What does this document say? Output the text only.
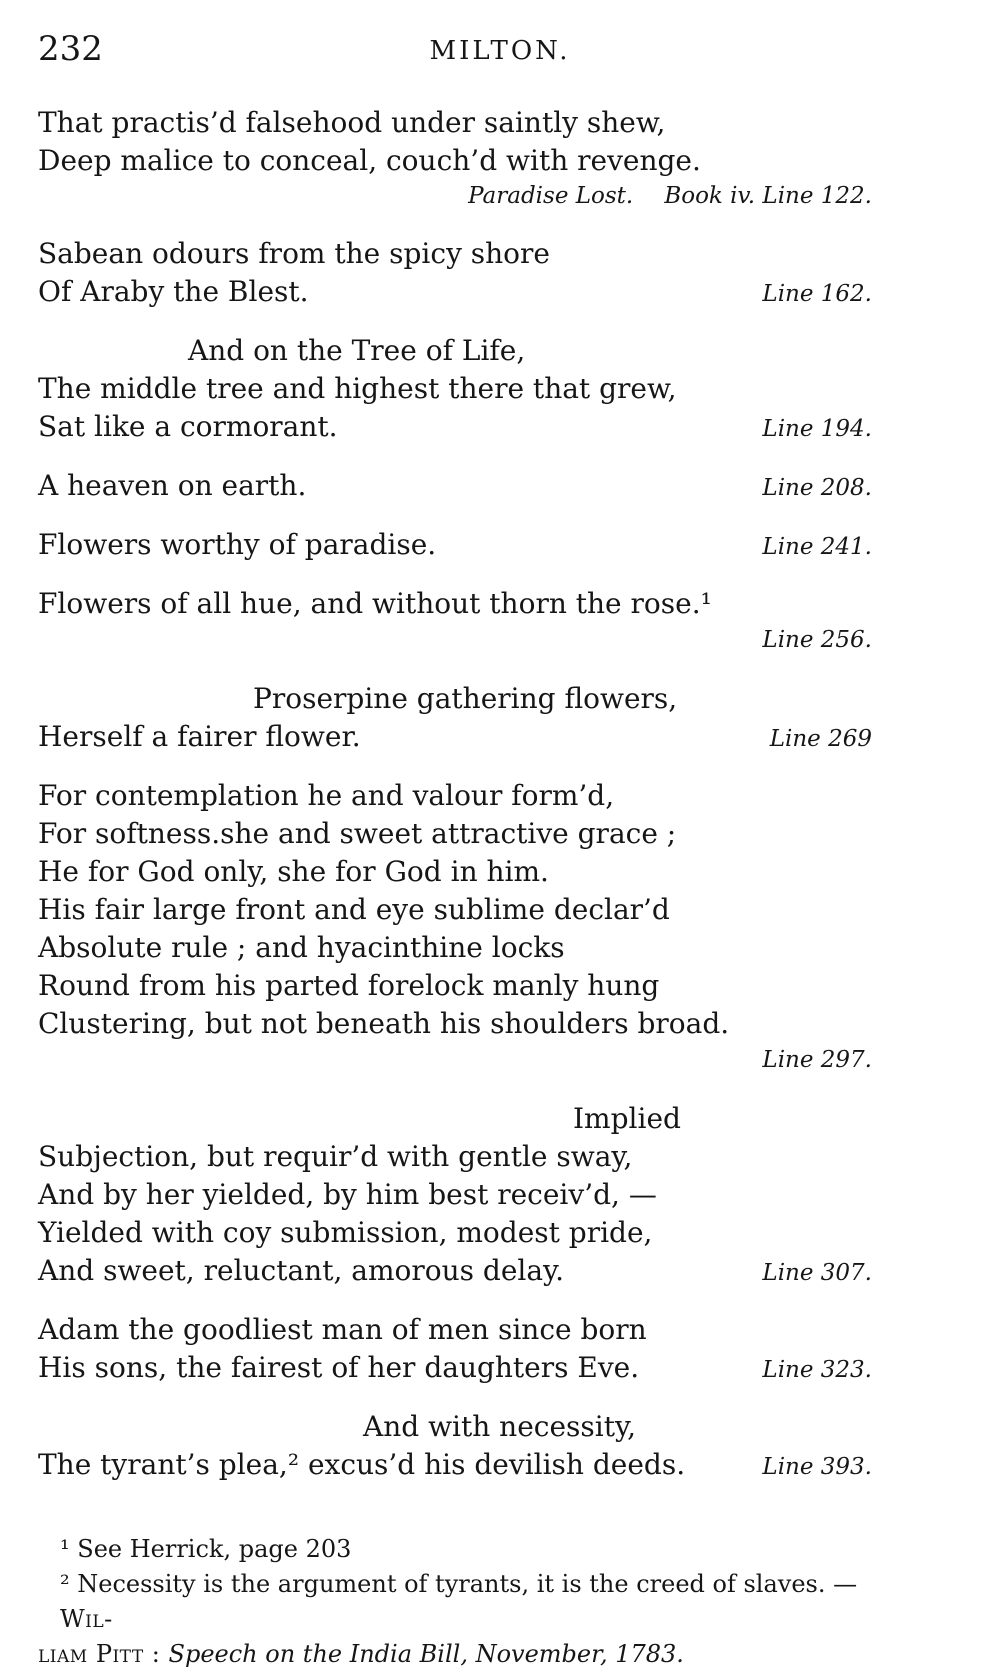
232	MILTON.
That practis’d falsehood under saintly shew,
Deep malice to conceal, couch’d with revenge.
Paradise Lost. Book iv. Line 122.
Sabean odours from the spicy shore
Of Araby the Blest.	Line 162.
And on the Tree of Life,
The middle tree and highest there that grew,
Sat like a cormorant.	Line 194.
A heaven on earth.	Line 208.
Flowers worthy of paradise.	Line 241.
Flowers of all hue, and without thorn the rose.¹
Line 256.
Proserpine gathering flowers,
Herself a fairer flower.	Line 269
For contemplation he and valour form’d,
For softness.she and sweet attractive grace ;
He for God only, she for God in him.
His fair large front and eye sublime declar’d
Absolute rule ; and hyacinthine locks
Round from his parted forelock manly hung
Clustering, but not beneath his shoulders broad.
Line 297.
Implied
Subjection, but requir’d with gentle sway,
And by her yielded, by him best receiv’d, —
Yielded with coy submission, modest pride,
And sweet, reluctant, amorous delay.	Line 307.
Adam the goodliest man of men since born
His sons, the fairest of her daughters Eve.	Line 323.
And with necessity,
The tyrant’s plea,² excus’d his devilish deeds.	Line 393.
¹ See Herrick, page 203
² Necessity is the argument of tyrants, it is the creed of slaves. — Wil-
liam Pitt : Speech on the India Bill, November, 1783.
